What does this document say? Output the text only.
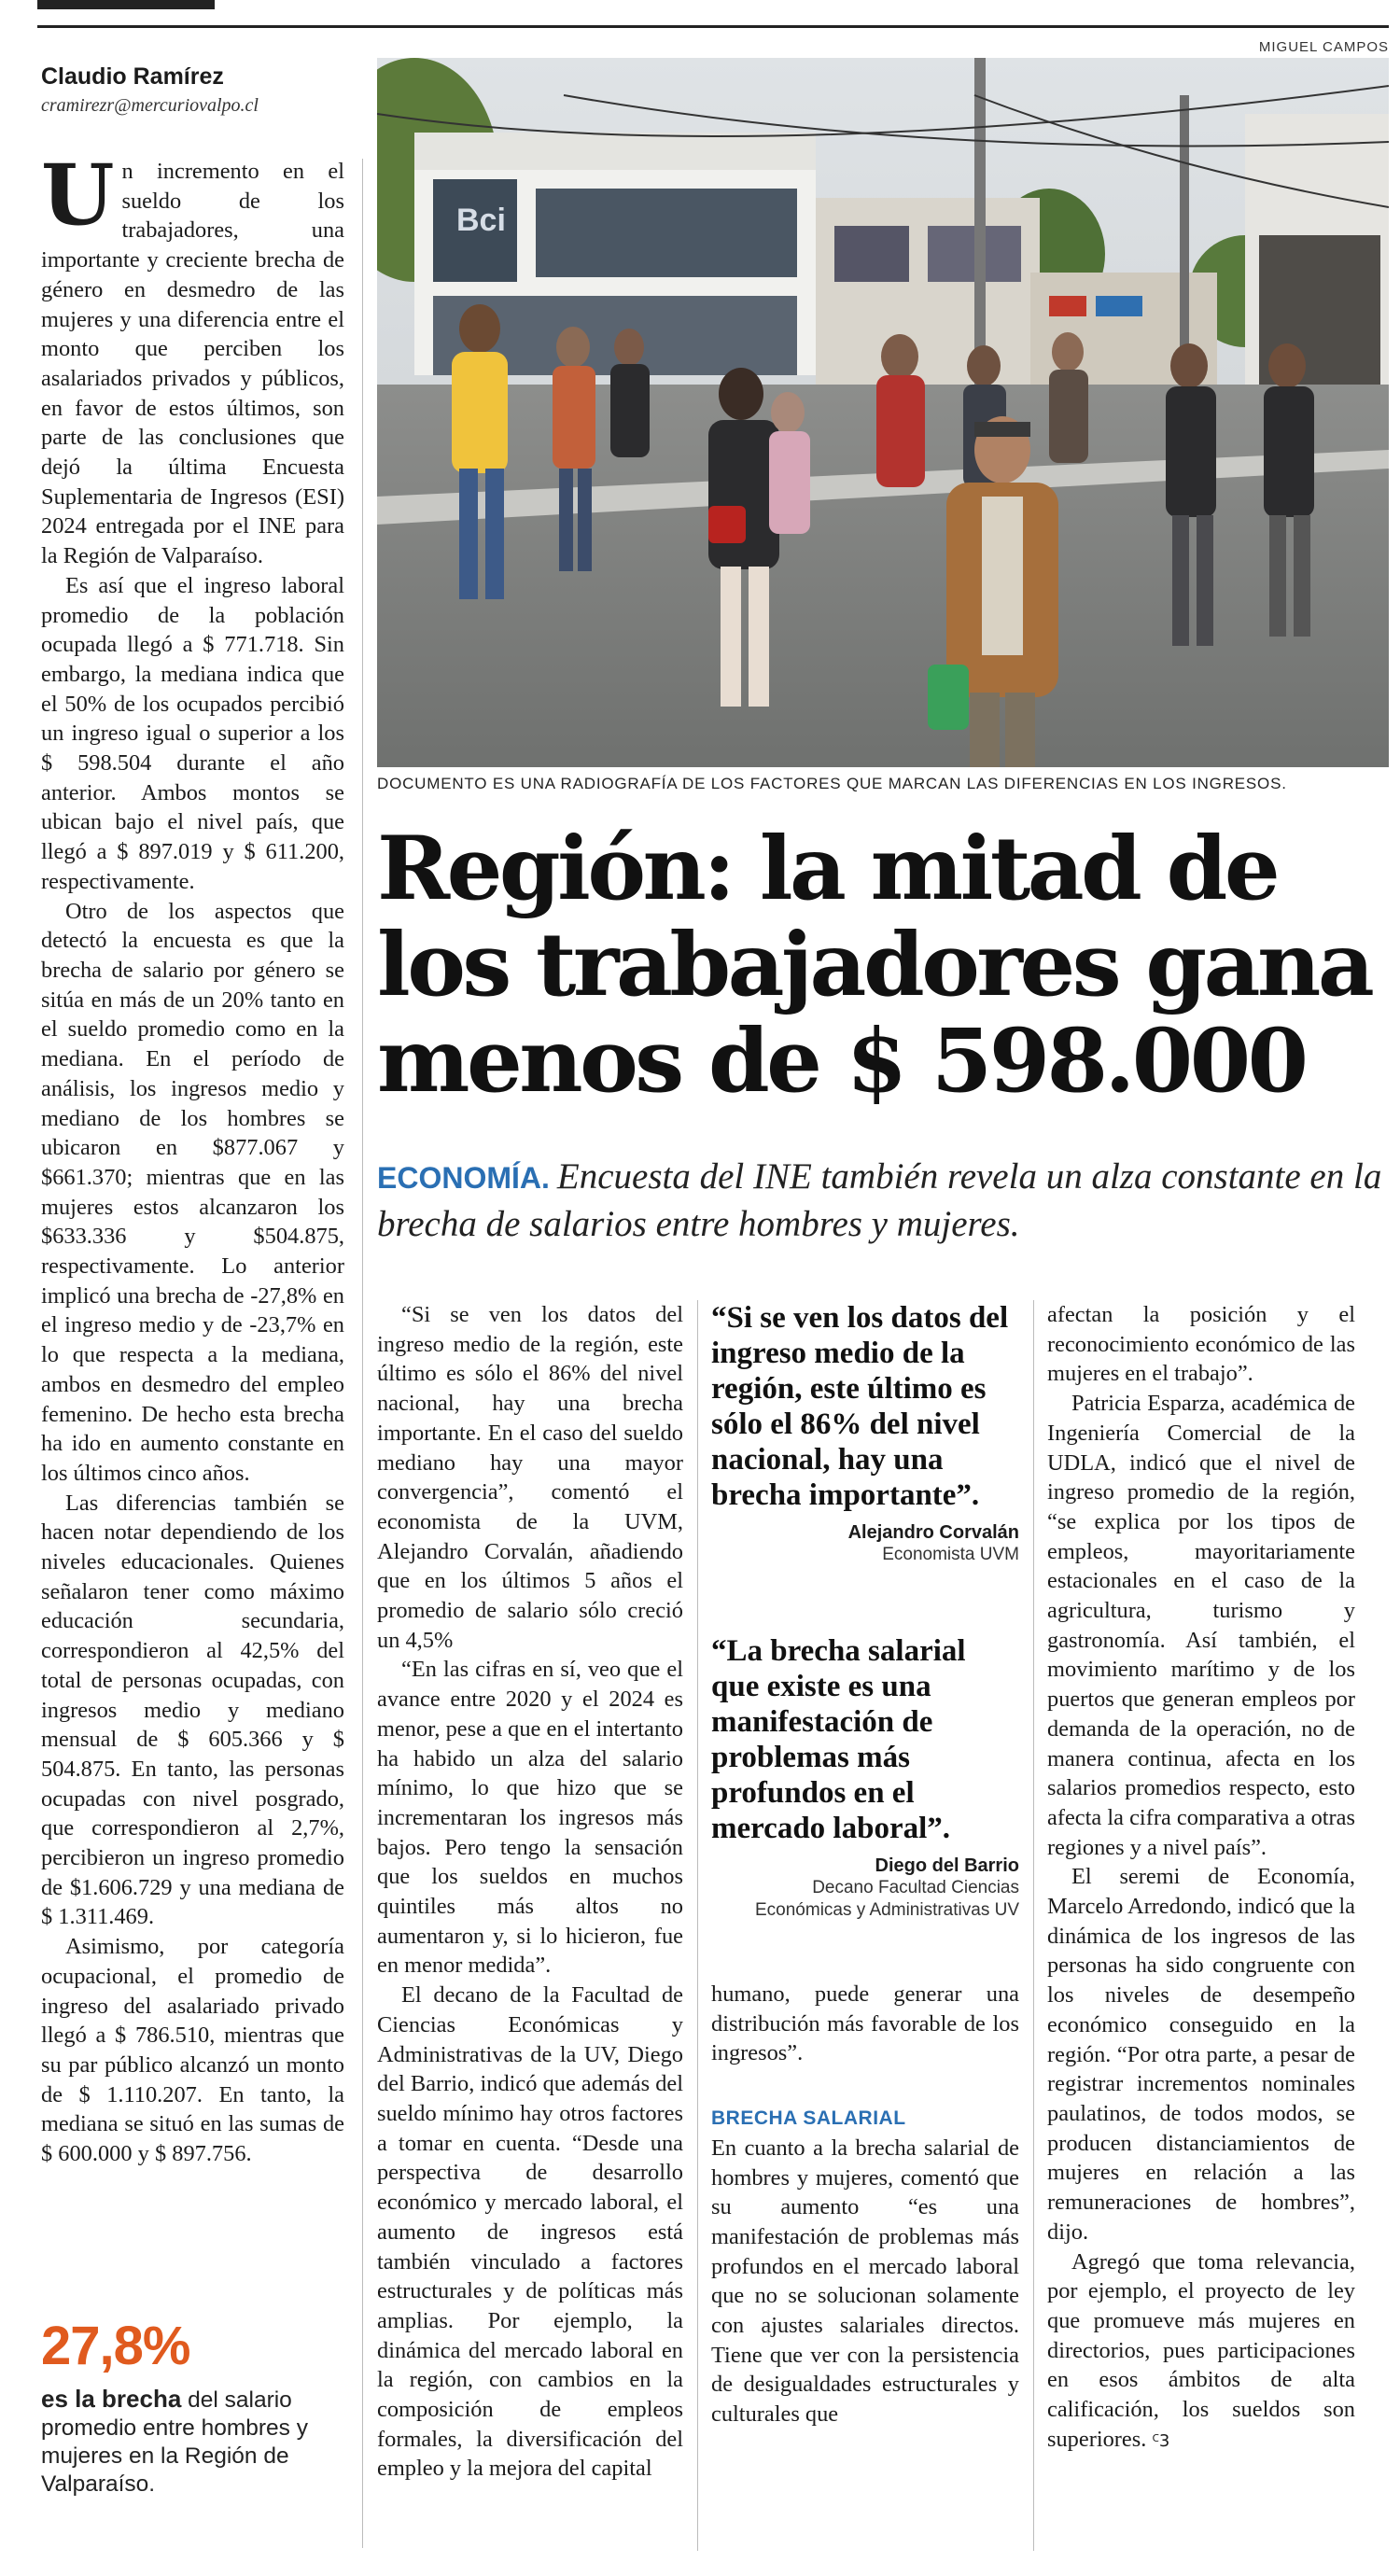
Claudio Ramírez
cramirezr@mercuriovalpo.cl

Un incremento en el sueldo de los trabajadores, una importante y creciente brecha de género en desmedro de las mujeres y una diferencia entre el monto que perciben los asalariados privados y públicos, en favor de estos últimos, son parte de las conclusiones que dejó la última Encuesta Suplementaria de Ingresos (ESI) 2024 entregada por el INE para la Región de Valparaíso.

Es así que el ingreso laboral promedio de la población ocupada llegó a $ 771.718. Sin embargo, la mediana indica que el 50% de los ocupados percibió un ingreso igual o superior a los $ 598.504 durante el año anterior. Ambos montos se ubican bajo el nivel país, que llegó a $ 897.019 y $ 611.200, respectivamente.

Otro de los aspectos que detectó la encuesta es que la brecha de salario por género se sitúa en más de un 20% tanto en el sueldo promedio como en la mediana. En el período de análisis, los ingresos medio y mediano de los hombres se ubicaron en $877.067 y $661.370; mientras que en las mujeres estos alcanzaron los $633.336 y $504.875, respectivamente. Lo anterior implicó una brecha de -27,8% en el ingreso medio y de -23,7% en lo que respecta a la mediana, ambos en desmedro del empleo femenino. De hecho esta brecha ha ido en aumento constante en los últimos cinco años.

Las diferencias también se hacen notar dependiendo de los niveles educacionales. Quienes señalaron tener como máximo educación secundaria, correspondieron al 42,5% del total de personas ocupadas, con ingresos medio y mediano mensual de $ 605.366 y $ 504.875. En tanto, las personas ocupadas con nivel posgrado, que correspondieron al 2,7%, percibieron un ingreso promedio de $1.606.729 y una mediana de $ 1.311.469.

Asimismo, por categoría ocupacional, el promedio de ingreso del asalariado privado llegó a $ 786.510, mientras que su par público alcanzó un monto de $ 1.110.207. En tanto, la mediana se situó en las sumas de $ 600.000 y $ 897.756.

27,8%
es la brecha del salario promedio entre hombres y mujeres en la Región de Valparaíso.
MIGUEL CAMPOS
Bci
DOCUMENTO ES UNA RADIOGRAFÍA DE LOS FACTORES QUE MARCAN LAS DIFERENCIAS EN LOS INGRESOS.
Región: la mitad de
los trabajadores gana
menos de $ 598.000
ECONOMÍA. Encuesta del INE también revela un alza constante en la brecha de salarios entre hombres y mujeres.

“Si se ven los datos del ingreso medio de la región, este último es sólo el 86% del nivel nacional, hay una brecha importante. En el caso del sueldo mediano hay una mayor convergencia”, comentó el economista de la UVM, Alejandro Corvalán, añadiendo que en los últimos 5 años el promedio de salario sólo creció un 4,5%

“En las cifras en sí, veo que el avance entre 2020 y el 2024 es menor, pese a que en el intertanto ha habido un alza del salario mínimo, lo que hizo que se incrementaran los ingresos más bajos. Pero tengo la sensación que los sueldos en muchos quintiles más altos no aumentaron y, si lo hicieron, fue en menor medida”.

El decano de la Facultad de Ciencias Económicas y Administrativas de la UV, Diego del Barrio, indicó que además del sueldo mínimo hay otros factores a tomar en cuenta. “Desde una perspectiva de desarrollo económico y mercado laboral, el aumento de ingresos está también vinculado a factores estructurales y de políticas más amplias. Por ejemplo, la dinámica del mercado laboral en la región, con cambios en la composición de empleos formales, la diversificación del empleo y la mejora del capital

“Si se ven los datos del ingreso medio de la región, este último es sólo el 86% del nivel nacional, hay una brecha importante”.

Alejandro Corvalán
Economista UVM

“La brecha salarial que existe es una manifestación de problemas más profundos en el mercado laboral”.

Diego del Barrio
Decano Facultad Ciencias Económicas y Administrativas UV

humano, puede generar una distribución más favorable de los ingresos”.

BRECHA SALARIAL

En cuanto a la brecha salarial de hombres y mujeres, comentó que su aumento “es una manifestación de problemas más profundos en el mercado laboral que no se solucionan solamente con ajustes salariales directos. Tiene que ver con la persistencia de desigualdades estructurales y culturales que

afectan la posición y el reconocimiento económico de las mujeres en el trabajo”.

Patricia Esparza, académica de Ingeniería Comercial de la UDLA, indicó que el nivel de ingreso promedio de la región, “se explica por los tipos de empleos, mayoritariamente estacionales en el caso de la agricultura, turismo y gastronomía. Así también, el movimiento marítimo y de los puertos que generan empleos por demanda de la operación, no de manera continua, afecta en los salarios promedios respecto, esto afecta la cifra comparativa a otras regiones y a nivel país”.

El seremi de Economía, Marcelo Arredondo, indicó que la dinámica de los ingresos de las personas ha sido congruente con los niveles de desempeño económico conseguido en la región. “Por otra parte, a pesar de registrar incrementos nominales paulatinos, de todos modos, se producen distanciamientos de mujeres en relación a las remuneraciones de hombres”, dijo.

Agregó que toma relevancia, por ejemplo, el proyecto de ley que promueve más mujeres en directorios, pues participaciones en esos ámbitos de alta calificación, los sueldos son superiores. ꟲ3
